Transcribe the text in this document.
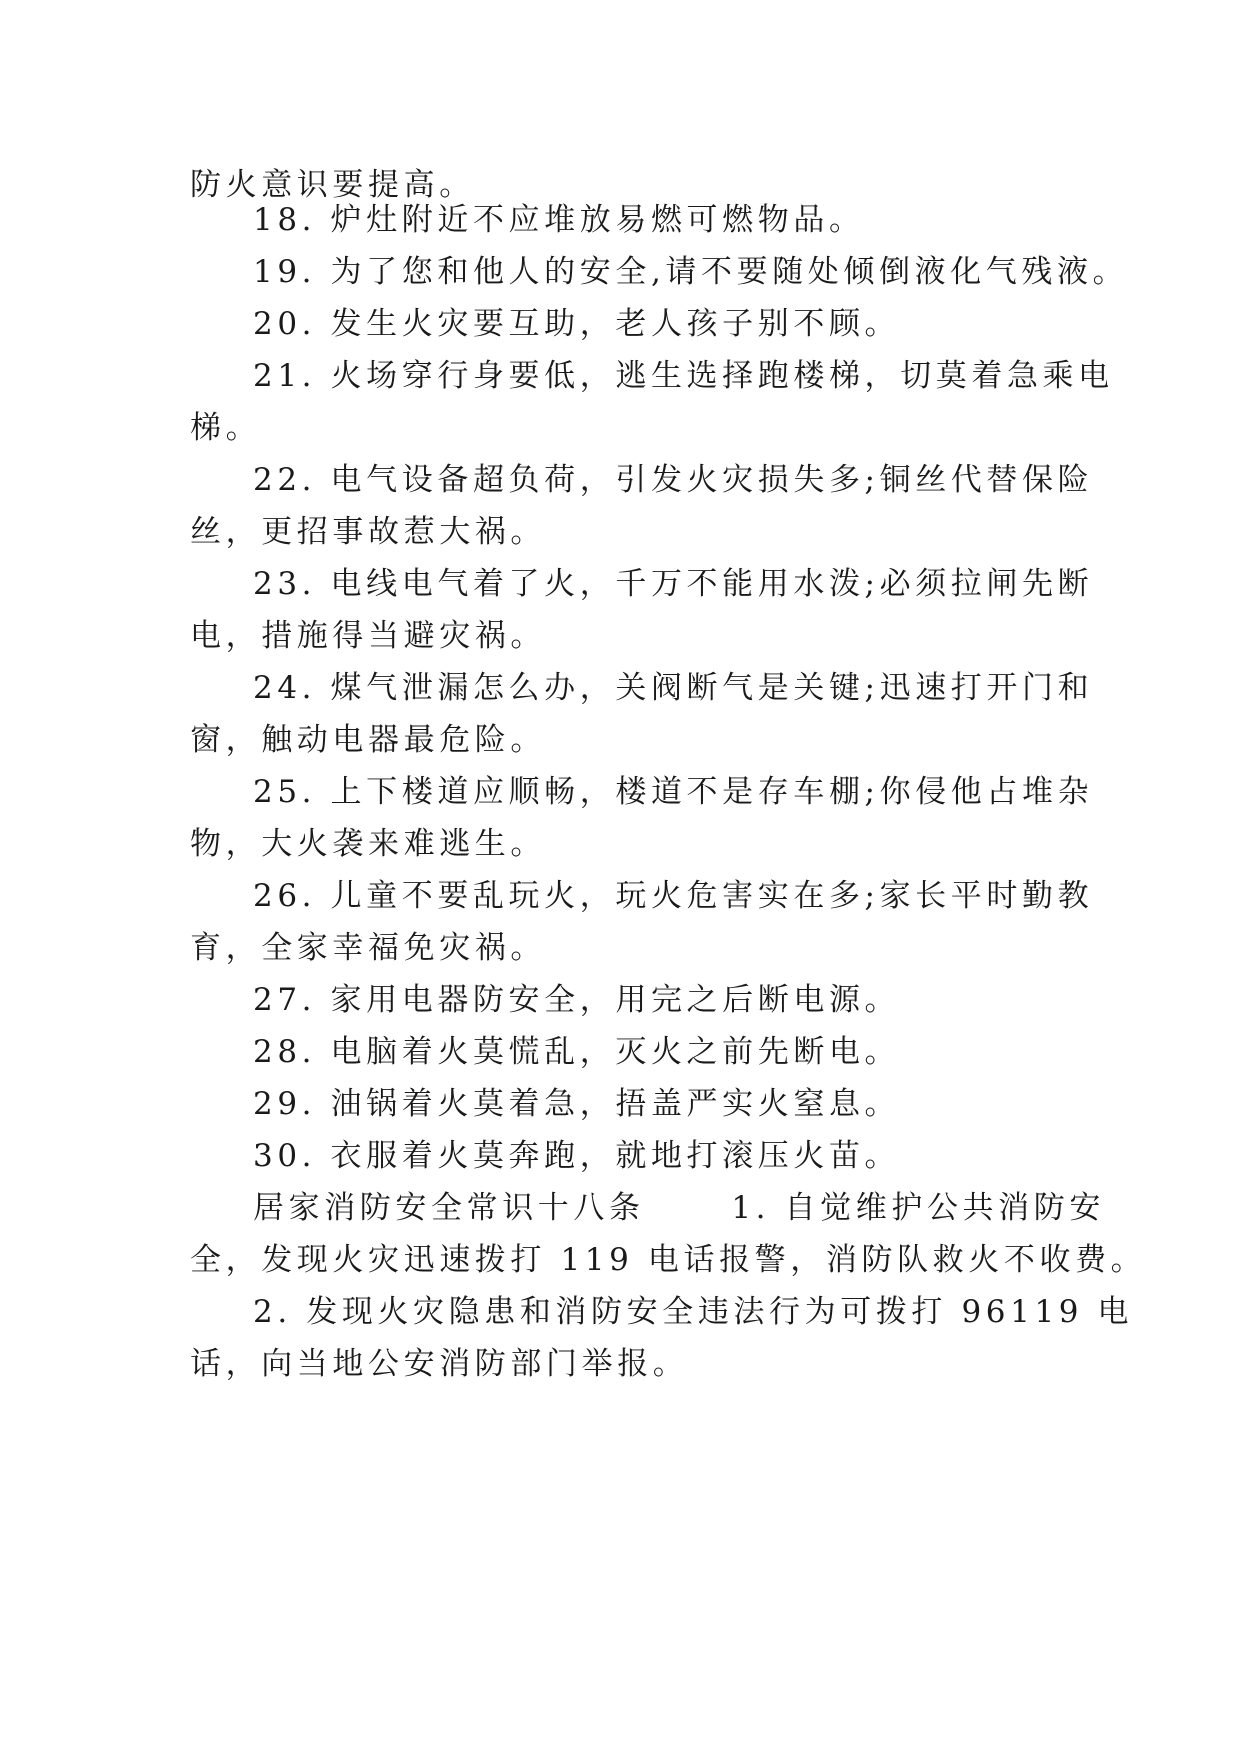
防火意识要提高。
18. 炉灶附近不应堆放易燃可燃物品。
19. 为了您和他人的安全,请不要随处倾倒液化气残液。
20. 发生火灾要互助，老人孩子别不顾。
21. 火场穿行身要低，逃生选择跑楼梯，切莫着急乘电
梯。
22. 电气设备超负荷，引发火灾损失多;铜丝代替保险
丝，更招事故惹大祸。
23. 电线电气着了火，千万不能用水泼;必须拉闸先断
电，措施得当避灾祸。
24. 煤气泄漏怎么办，关阀断气是关键;迅速打开门和
窗，触动电器最危险。
25. 上下楼道应顺畅，楼道不是存车棚;你侵他占堆杂
物，大火袭来难逃生。
26. 儿童不要乱玩火，玩火危害实在多;家长平时勤教
育，全家幸福免灾祸。
27. 家用电器防安全，用完之后断电源。
28. 电脑着火莫慌乱，灭火之前先断电。
29. 油锅着火莫着急，捂盖严实火窒息。
30. 衣服着火莫奔跑，就地打滚压火苗。
居家消防安全常识十八条      1. 自觉维护公共消防安
全，发现火灾迅速拨打 119 电话报警，消防队救火不收费。
2. 发现火灾隐患和消防安全违法行为可拨打 96119 电
话，向当地公安消防部门举报。
